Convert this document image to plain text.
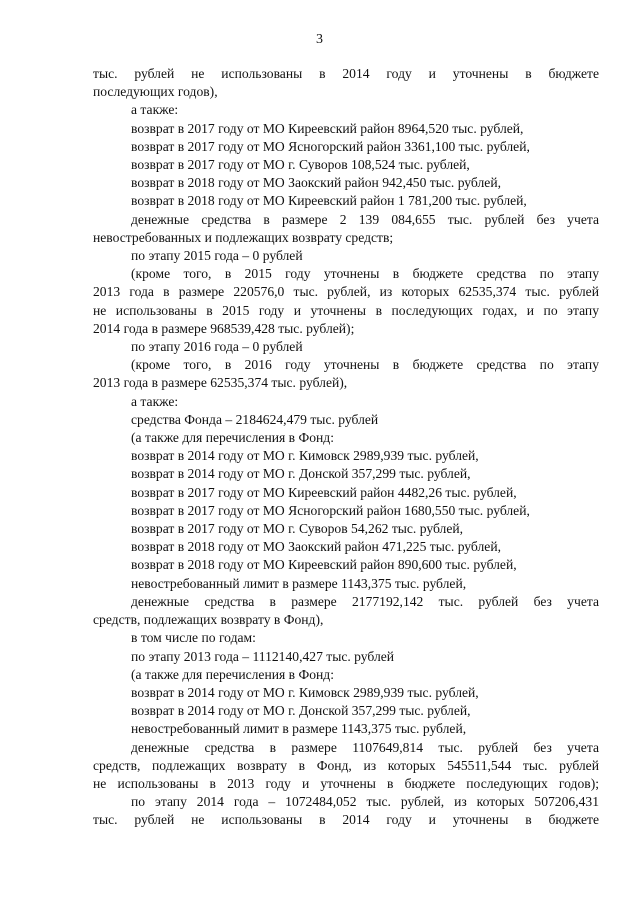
3
тыс. рублей не использованы в 2014 году и уточнены в бюджете
последующих годов),
а также:
возврат в 2017 году от МО Киреевский район 8964,520 тыс. рублей,
возврат в 2017 году от МО Ясногорский район 3361,100 тыс. рублей,
возврат в 2017 году от МО г. Суворов 108,524 тыс. рублей,
возврат в 2018 году от МО Заокский район 942,450 тыс. рублей,
возврат в 2018 году от МО Киреевский район 1 781,200 тыс. рублей,
денежные средства в размере 2 139 084,655 тыс. рублей без учета
невостребованных и подлежащих возврату средств;
по этапу 2015 года – 0 рублей
(кроме того, в 2015 году уточнены в бюджете средства по этапу
2013 года в размере 220576,0 тыс. рублей, из которых 62535,374 тыс. рублей
не использованы в 2015 году и уточнены в последующих годах, и по этапу
2014 года в размере 968539,428 тыс. рублей);
по этапу 2016 года – 0 рублей
(кроме того, в 2016 году уточнены в бюджете средства по этапу
2013 года в размере 62535,374 тыс. рублей),
а также:
средства Фонда – 2184624,479 тыс. рублей
(а также для перечисления в Фонд:
возврат в 2014 году от МО г. Кимовск 2989,939 тыс. рублей,
возврат в 2014 году от МО г. Донской 357,299 тыс. рублей,
возврат в 2017 году от МО Киреевский район 4482,26 тыс. рублей,
возврат в 2017 году от МО Ясногорский район 1680,550 тыс. рублей,
возврат в 2017 году от МО г. Суворов 54,262 тыс. рублей,
возврат в 2018 году от МО Заокский район 471,225 тыс. рублей,
возврат в 2018 году от МО Киреевский район 890,600 тыс. рублей,
невостребованный лимит в размере 1143,375 тыс. рублей,
денежные средства в размере 2177192,142 тыс. рублей без учета
средств, подлежащих возврату в Фонд),
в том числе по годам:
по этапу 2013 года – 1112140,427 тыс. рублей
(а также для перечисления в Фонд:
возврат в 2014 году от МО г. Кимовск 2989,939 тыс. рублей,
возврат в 2014 году от МО г. Донской 357,299 тыс. рублей,
невостребованный лимит в размере 1143,375 тыс. рублей,
денежные средства в размере 1107649,814 тыс. рублей без учета
средств, подлежащих возврату в Фонд, из которых 545511,544 тыс. рублей
не использованы в 2013 году и уточнены в бюджете последующих годов);
по этапу 2014 года – 1072484,052 тыс. рублей, из которых 507206,431
тыс. рублей не использованы в 2014 году и уточнены в бюджете
